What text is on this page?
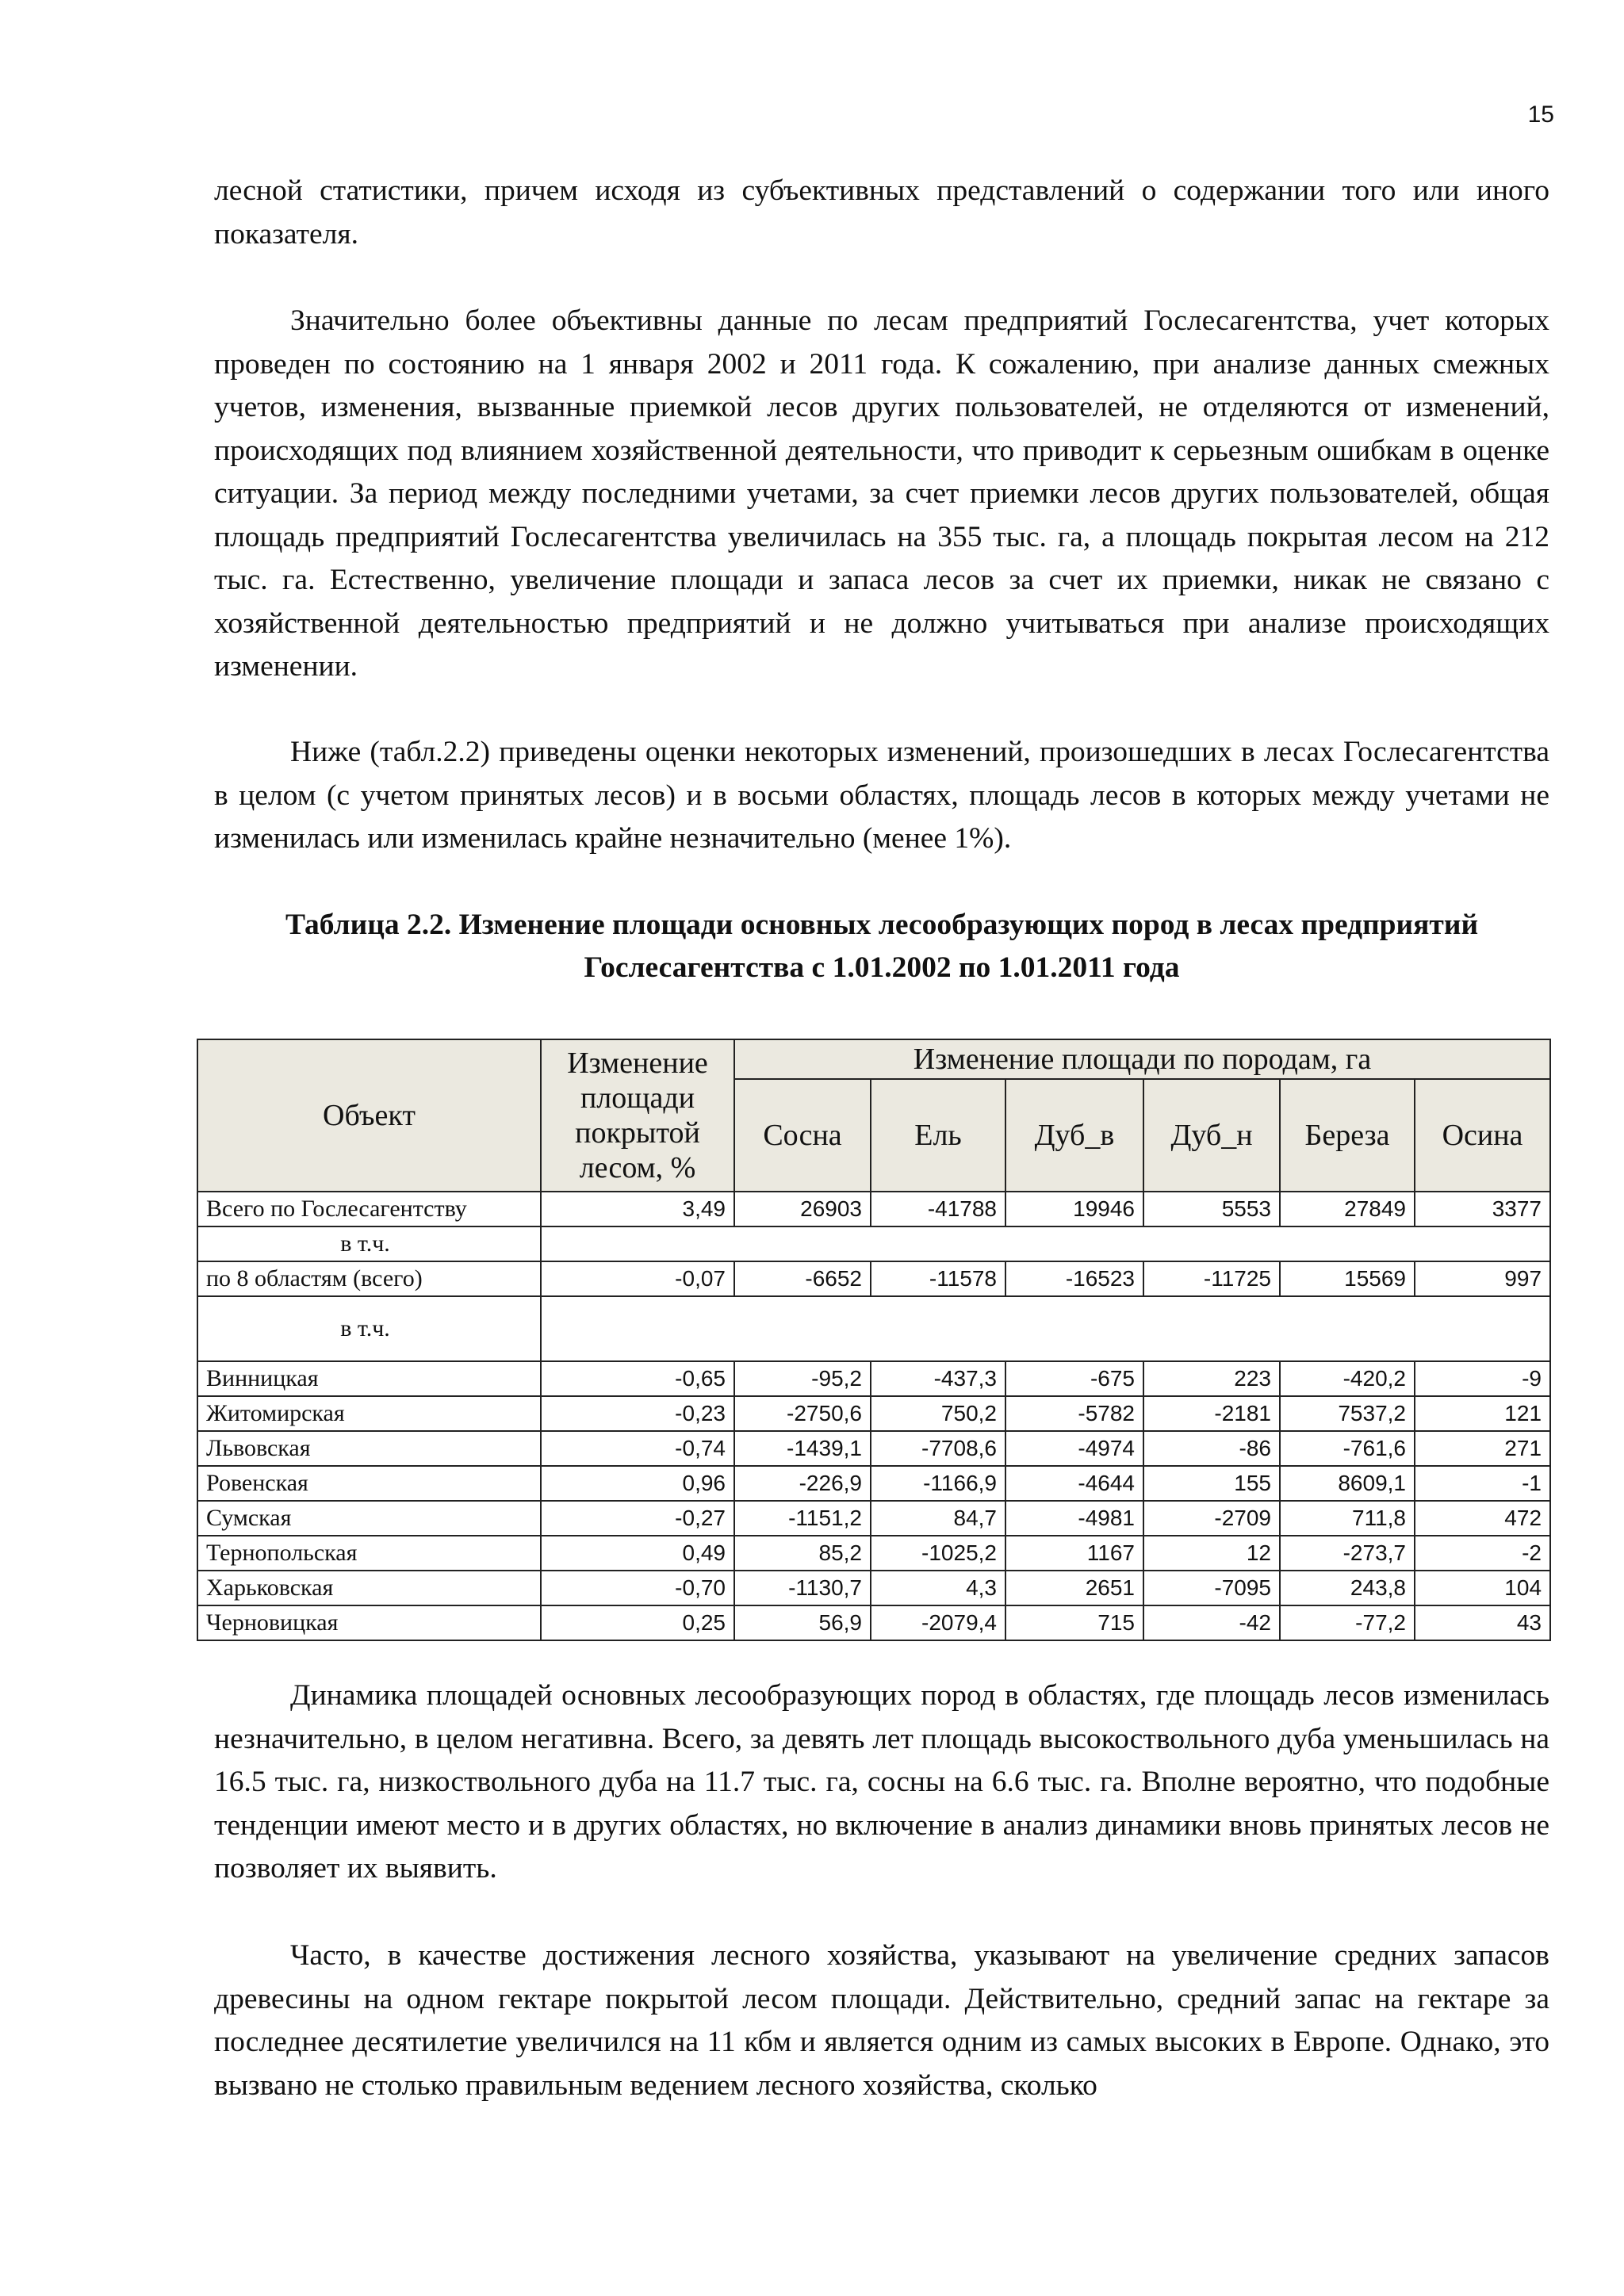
15

лесной статистики, причем исходя из субъективных представлений о содержании того или иного показателя.

Значительно более объективны данные по лесам предприятий Гослесагентства, учет которых проведен по состоянию на 1 января 2002 и 2011 года. К сожалению, при анализе данных смежных учетов, изменения, вызванные приемкой лесов других пользователей, не отделяются от изменений, происходящих под влиянием хозяйственной деятельности, что приводит к серьезным ошибкам в оценке ситуации. За период между последними учетами, за счет приемки лесов других пользователей, общая площадь предприятий Гослесагентства увеличилась на 355 тыс. га, а площадь покрытая лесом на 212 тыс. га. Естественно, увеличение площади и запаса лесов за счет их приемки, никак не связано с хозяйственной деятельностью предприятий и не должно учитываться при анализе происходящих изменении.

Ниже (табл.2.2) приведены оценки некоторых изменений, произошедших в лесах Гослесагентства в целом (с учетом принятых лесов) и в восьми областях, площадь лесов в которых между учетами не изменилась или изменилась крайне незначительно (менее 1%).

Таблица 2.2. Изменение площади основных лесообразующих пород в лесах предприятий
Гослесагентства с 1.01.2002 по 1.01.2011 года
Объект	Изменение площади покрытой лесом, %	Изменение площади по породам, га					
		Сосна	Ель	Дуб_в	Дуб_н	Береза	Осина
Всего по Гослесагентству	3,49	26903	-41788	19946	5553	27849	3377
в т.ч.							
по 8 областям (всего)	-0,07	-6652	-11578	-16523	-11725	15569	997
в т.ч.							
Винницкая	-0,65	-95,2	-437,3	-675	223	-420,2	-9
Житомирская	-0,23	-2750,6	750,2	-5782	-2181	7537,2	121
Львовская	-0,74	-1439,1	-7708,6	-4974	-86	-761,6	271
Ровенская	0,96	-226,9	-1166,9	-4644	155	8609,1	-1
Сумская	-0,27	-1151,2	84,7	-4981	-2709	711,8	472
Тернопольская	0,49	85,2	-1025,2	1167	12	-273,7	-2
Харьковская	-0,70	-1130,7	4,3	2651	-7095	243,8	104
Черновицкая	0,25	56,9	-2079,4	715	-42	-77,2	43

Динамика площадей основных лесообразующих пород в областях, где площадь лесов изменилась незначительно, в целом негативна. Всего, за девять лет площадь высокоствольного дуба уменьшилась на 16.5 тыс. га, низкоствольного дуба на 11.7 тыс. га, сосны на 6.6 тыс. га. Вполне вероятно, что подобные тенденции имеют место и в других областях, но включение в анализ динамики вновь принятых лесов не позволяет их выявить.

Часто, в качестве достижения лесного хозяйства, указывают на увеличение средних запасов древесины на одном гектаре покрытой лесом площади. Действительно, средний запас на гектаре за последнее десятилетие увеличился на 11 кбм и является одним из самых высоких в Европе. Однако, это вызвано не столько правильным ведением лесного хозяйства, сколько
